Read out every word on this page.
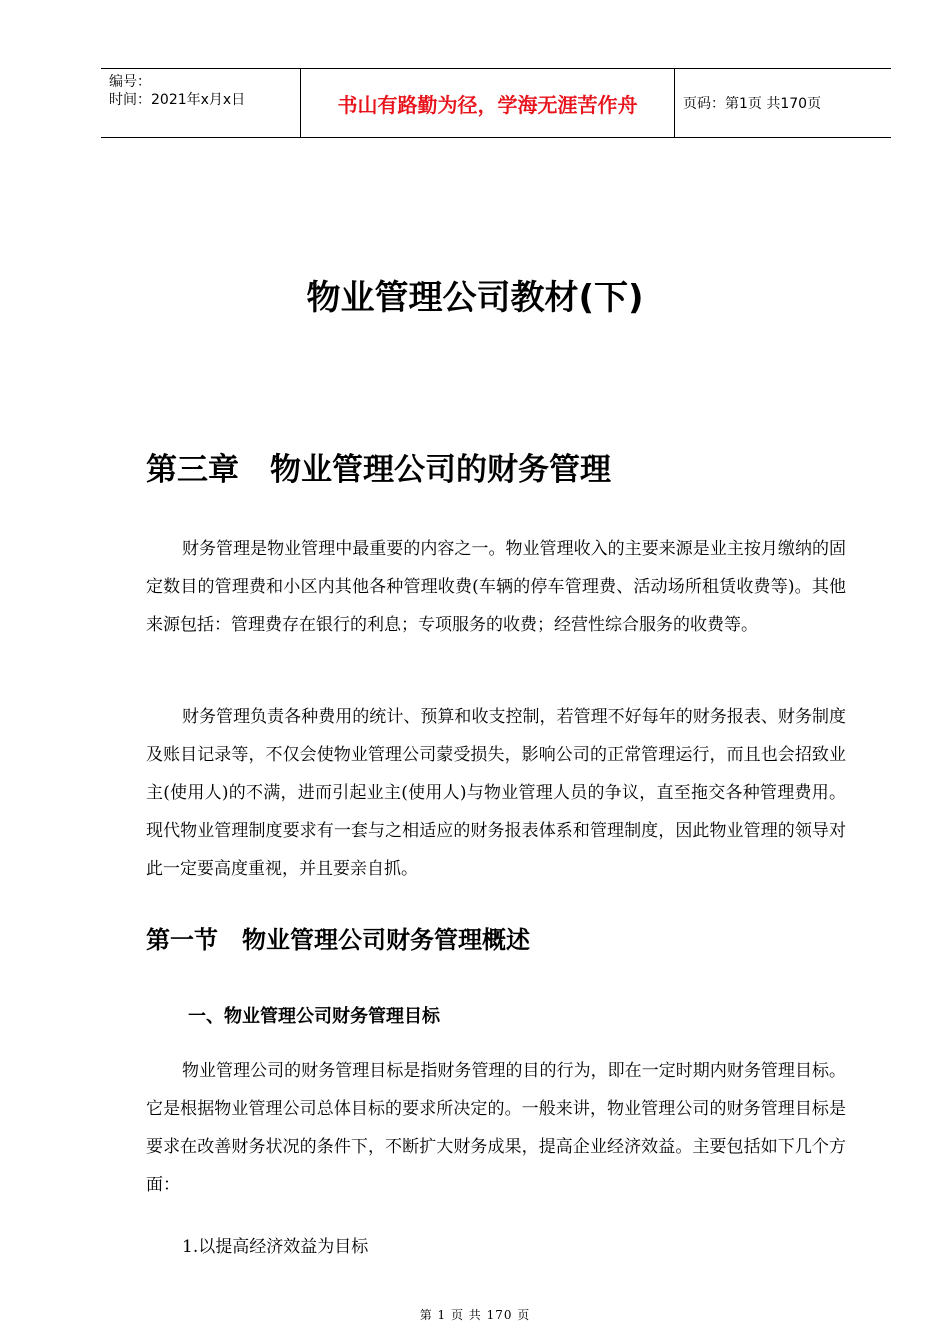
编号：
时间：2021年x月x日	书山有路勤为径，学海无涯苦作舟	页码：第1页 共170页
物业管理公司教材(下)
第三章　物业管理公司的财务管理

财务管理是物业管理中最重要的内容之一。物业管理收入的主要来源是业主按月缴纳的固定数目的管理费和小区内其他各种管理收费(车辆的停车管理费、活动场所租赁收费等)。其他来源包括：管理费存在银行的利息；专项服务的收费；经营性综合服务的收费等。

财务管理负责各种费用的统计、预算和收支控制，若管理不好每年的财务报表、财务制度及账目记录等，不仅会使物业管理公司蒙受损失，影响公司的正常管理运行，而且也会招致业主(使用人)的不满，进而引起业主(使用人)与物业管理人员的争议，直至拖交各种管理费用。现代物业管理制度要求有一套与之相适应的财务报表体系和管理制度，因此物业管理的领导对此一定要高度重视，并且要亲自抓。

第一节　物业管理公司财务管理概述
一、物业管理公司财务管理目标

物业管理公司的财务管理目标是指财务管理的目的行为，即在一定时期内财务管理目标。它是根据物业管理公司总体目标的要求所决定的。一般来讲，物业管理公司的财务管理目标是要求在改善财务状况的条件下，不断扩大财务成果，提高企业经济效益。主要包括如下几个方面：

1.以提高经济效益为目标

第 1 页 共 170 页
